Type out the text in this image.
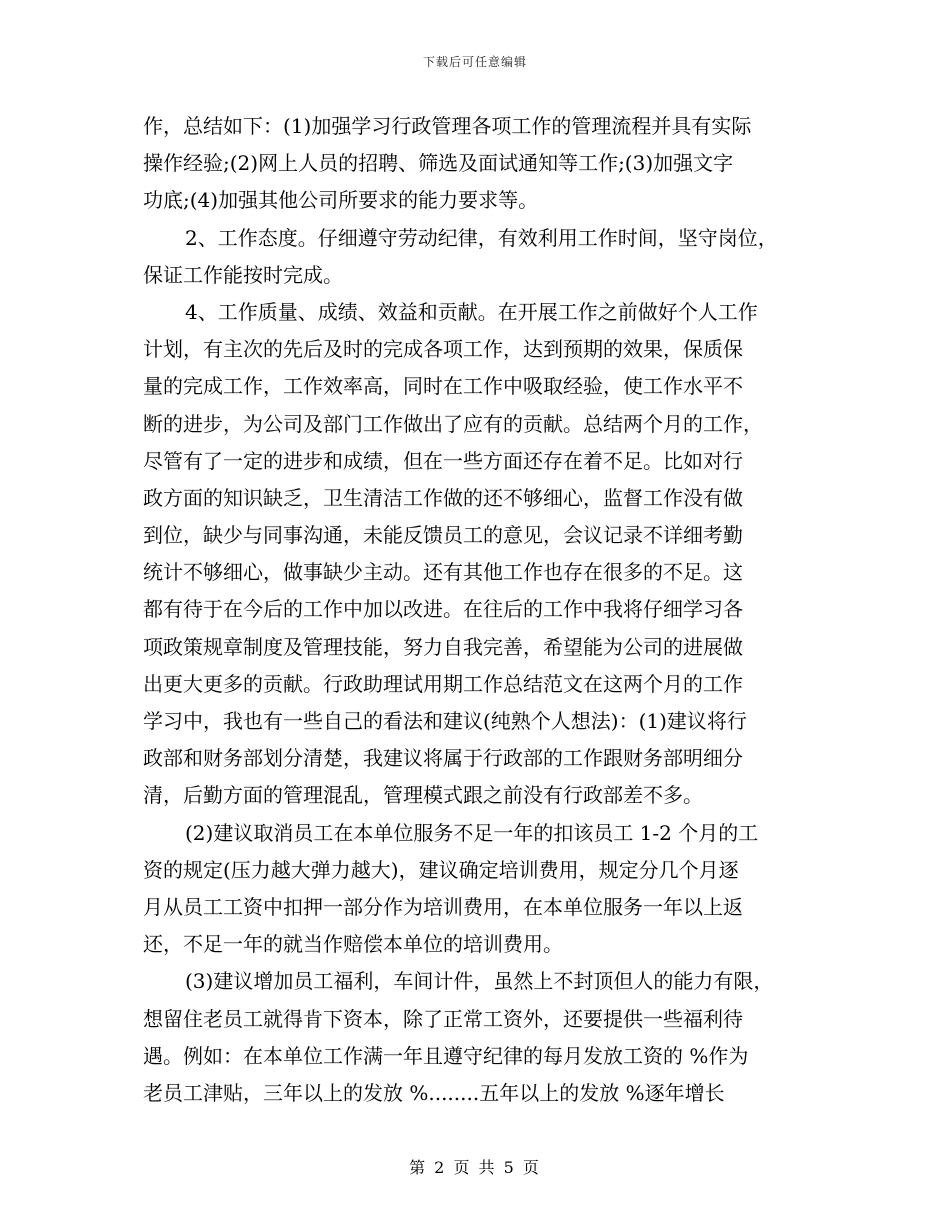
下载后可任意编辑
作，总结如下：(1)加强学习行政管理各项工作的管理流程并具有实际
操作经验;(2)网上人员的招聘、筛选及面试通知等工作;(3)加强文字
功底;(4)加强其他公司所要求的能力要求等。
2、工作态度。仔细遵守劳动纪律，有效利用工作时间，坚守岗位，
保证工作能按时完成。
4、工作质量、成绩、效益和贡献。在开展工作之前做好个人工作
计划，有主次的先后及时的完成各项工作，达到预期的效果，保质保
量的完成工作，工作效率高，同时在工作中吸取经验，使工作水平不
断的进步，为公司及部门工作做出了应有的贡献。总结两个月的工作，
尽管有了一定的进步和成绩，但在一些方面还存在着不足。比如对行
政方面的知识缺乏，卫生清洁工作做的还不够细心，监督工作没有做
到位，缺少与同事沟通，未能反馈员工的意见，会议记录不详细考勤
统计不够细心，做事缺少主动。还有其他工作也存在很多的不足。这
都有待于在今后的工作中加以改进。在往后的工作中我将仔细学习各
项政策规章制度及管理技能，努力自我完善，希望能为公司的进展做
出更大更多的贡献。行政助理试用期工作总结范文在这两个月的工作
学习中，我也有一些自己的看法和建议(纯熟个人想法)：(1)建议将行
政部和财务部划分清楚，我建议将属于行政部的工作跟财务部明细分
清，后勤方面的管理混乱，管理模式跟之前没有行政部差不多。
(2)建议取消员工在本单位服务不足一年的扣该员工 1-2 个月的工
资的规定(压力越大弹力越大)，建议确定培训费用，规定分几个月逐
月从员工工资中扣押一部分作为培训费用，在本单位服务一年以上返
还，不足一年的就当作赔偿本单位的培训费用。
(3)建议增加员工福利，车间计件，虽然上不封顶但人的能力有限，
想留住老员工就得肯下资本，除了正常工资外，还要提供一些福利待
遇。例如：在本单位工作满一年且遵守纪律的每月发放工资的 %作为
老员工津贴，三年以上的发放 %........五年以上的发放 %逐年增长
第 2 页 共 5 页
